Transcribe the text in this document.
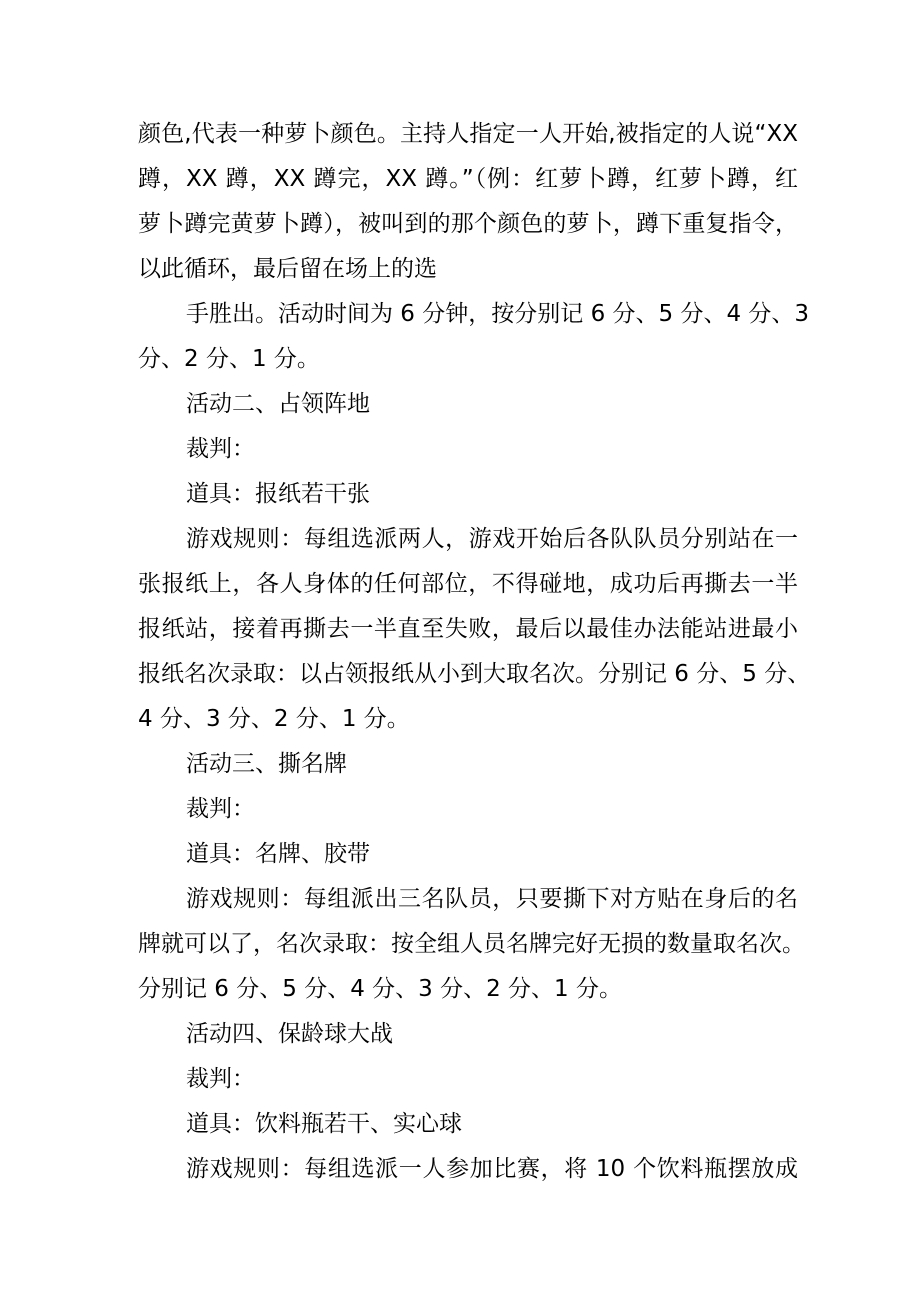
颜色,代表一种萝卜颜色。主持人指定一人开始,被指定的人说“XX
蹲，XX 蹲，XX 蹲完，XX 蹲。”（例：红萝卜蹲，红萝卜蹲，红
萝卜蹲完黄萝卜蹲），被叫到的那个颜色的萝卜，蹲下重复指令，
以此循环，最后留在场上的选

手胜出。活动时间为 6 分钟，按分别记 6 分、5 分、4 分、3
分、2 分、1 分。

活动二、占领阵地

裁判：

道具：报纸若干张

游戏规则：每组选派两人，游戏开始后各队队员分别站在一
张报纸上，各人身体的任何部位，不得碰地，成功后再撕去一半
报纸站，接着再撕去一半直至失败，最后以最佳办法能站进最小
报纸名次录取：以占领报纸从小到大取名次。分别记 6 分、5 分、
4 分、3 分、2 分、1 分。

活动三、撕名牌

裁判：

道具：名牌、胶带

游戏规则：每组派出三名队员，只要撕下对方贴在身后的名
牌就可以了，名次录取：按全组人员名牌完好无损的数量取名次。
分别记 6 分、5 分、4 分、3 分、2 分、1 分。

活动四、保龄球大战

裁判：

道具：饮料瓶若干、实心球

游戏规则：每组选派一人参加比赛，将 10 个饮料瓶摆放成
